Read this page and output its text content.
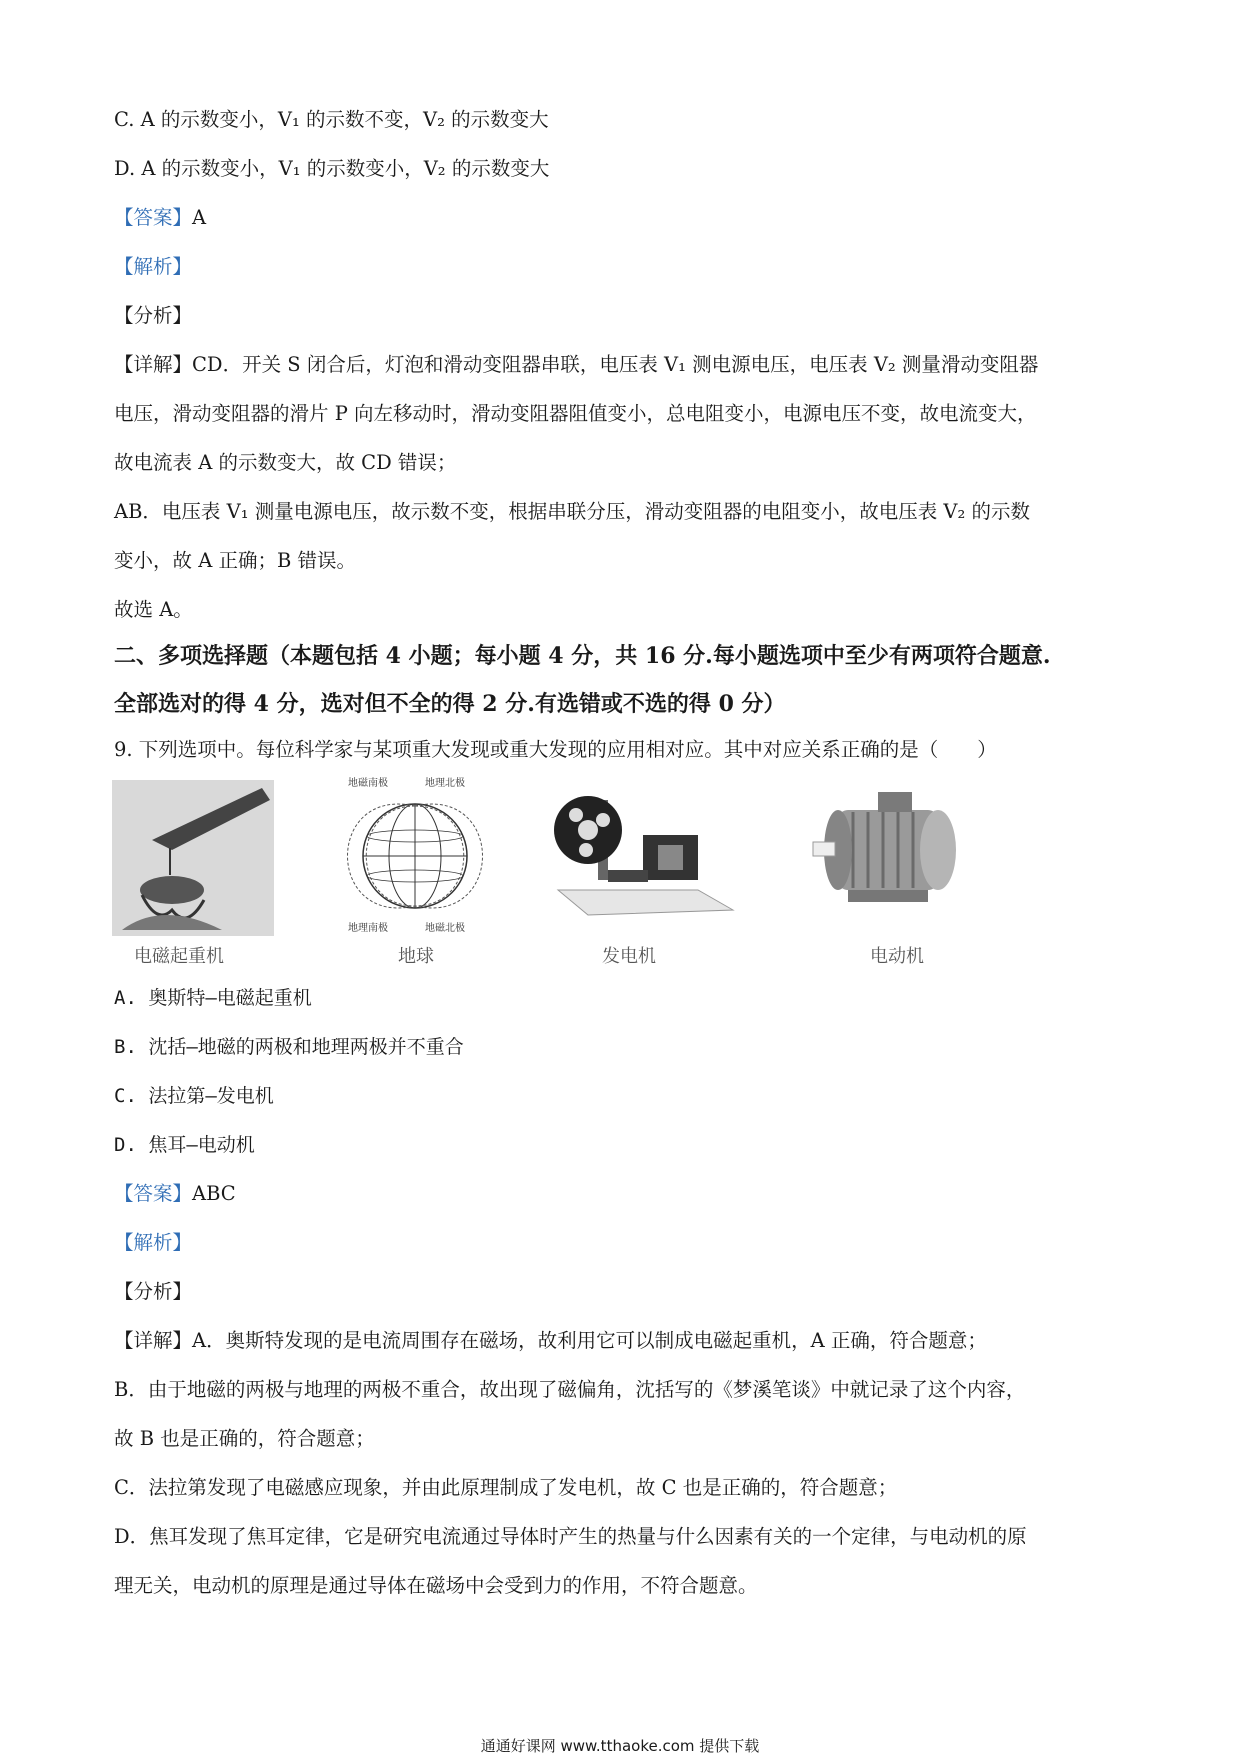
C. A 的示数变小，V₁ 的示数不变，V₂ 的示数变大
D. A 的示数变小，V₁ 的示数变小，V₂ 的示数变大
【答案】A
【解析】
【分析】
【详解】CD．开关 S 闭合后，灯泡和滑动变阻器串联，电压表 V₁ 测电源电压，电压表 V₂ 测量滑动变阻器
电压，滑动变阻器的滑片 P 向左移动时，滑动变阻器阻值变小，总电阻变小，电源电压不变，故电流变大，
故电流表 A 的示数变大，故 CD 错误；
AB．电压表 V₁ 测量电源电压，故示数不变，根据串联分压，滑动变阻器的电阻变小，故电压表 V₂ 的示数
变小，故 A 正确；B 错误。
故选 A。
二、多项选择题（本题包括 4 小题；每小题 4 分，共 16 分.每小题选项中至少有两项符合题意.
全部选对的得 4 分，选对但不全的得 2 分.有选错或不选的得 0 分）
9. 下列选项中。每位科学家与某项重大发现或重大发现的应用相对应。其中对应关系正确的是（　　）
电磁起重机
地磁南极	地理北极
地理南极	地磁北极
地球	发电机	电动机
A. 奥斯特—电磁起重机
B. 沈括—地磁的两极和地理两极并不重合
C. 法拉第—发电机
D. 焦耳—电动机
【答案】ABC
【解析】
【分析】
【详解】A．奥斯特发现的是电流周围存在磁场，故利用它可以制成电磁起重机，A 正确，符合题意；
B．由于地磁的两极与地理的两极不重合，故出现了磁偏角，沈括写的《梦溪笔谈》中就记录了这个内容，
故 B 也是正确的，符合题意；
C．法拉第发现了电磁感应现象，并由此原理制成了发电机，故 C 也是正确的，符合题意；
D．焦耳发现了焦耳定律，它是研究电流通过导体时产生的热量与什么因素有关的一个定律，与电动机的原
理无关，电动机的原理是通过导体在磁场中会受到力的作用，不符合题意。
通通好课网 www.tthaoke.com 提供下载
